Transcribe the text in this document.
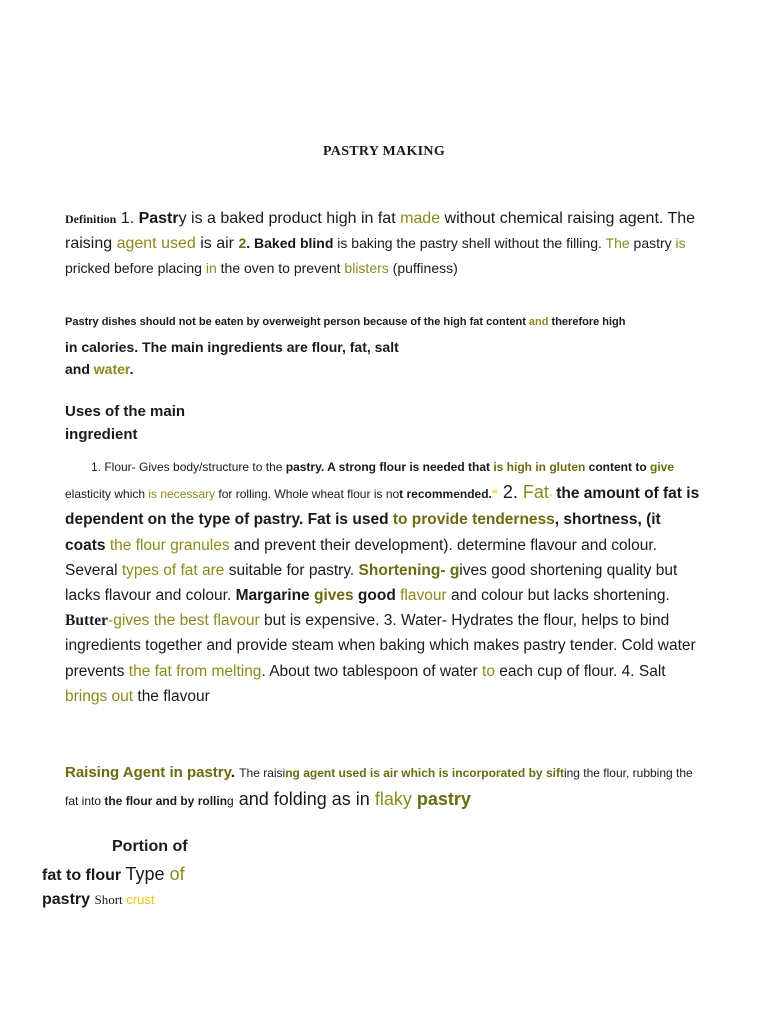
PASTRY MAKING

Definition 1. Pastry is a baked product high in fat made without chemical raising agent. The raising agent used is air 2. Baked blind is baking the pastry shell without the filling. The pastry is pricked before placing in the oven to prevent blisters (puffiness)

Pastry dishes should not be eaten by overweight person because of the high fat content and therefore high

in calories. The main ingredients are flour, fat, salt
and water.

Uses of the main ingredient

1. Flour- Gives body/structure to the pastry. A strong flour is needed that is high in gluten content to give elasticity which is necessary for rolling. Whole wheat flour is not recommended.“ 2. Fat- the amount of fat is dependent on the type of pastry. Fat is used to provide tenderness, shortness, (it coats the flour granules and prevent their development). determine flavour and colour. Several types of fat are suitable for pastry. Shortening- gives good shortening quality but lacks flavour and colour. Margarine gives good flavour and colour but lacks shortening. Butter-gives the best flavour but is expensive. 3. Water- Hydrates the flour, helps to bind ingredients together and provide steam when baking which makes pastry tender. Cold water prevents the fat from melting. About two tablespoon of water to each cup of flour. 4. Salt brings out the flavour

Raising Agent in pastry. The raising agent used is air which is incorporated by sifting the flour, rubbing the fat into the flour and by rolling and folding as in flaky pastry

Portion of
fat to flour Type of
pastry Short crust
